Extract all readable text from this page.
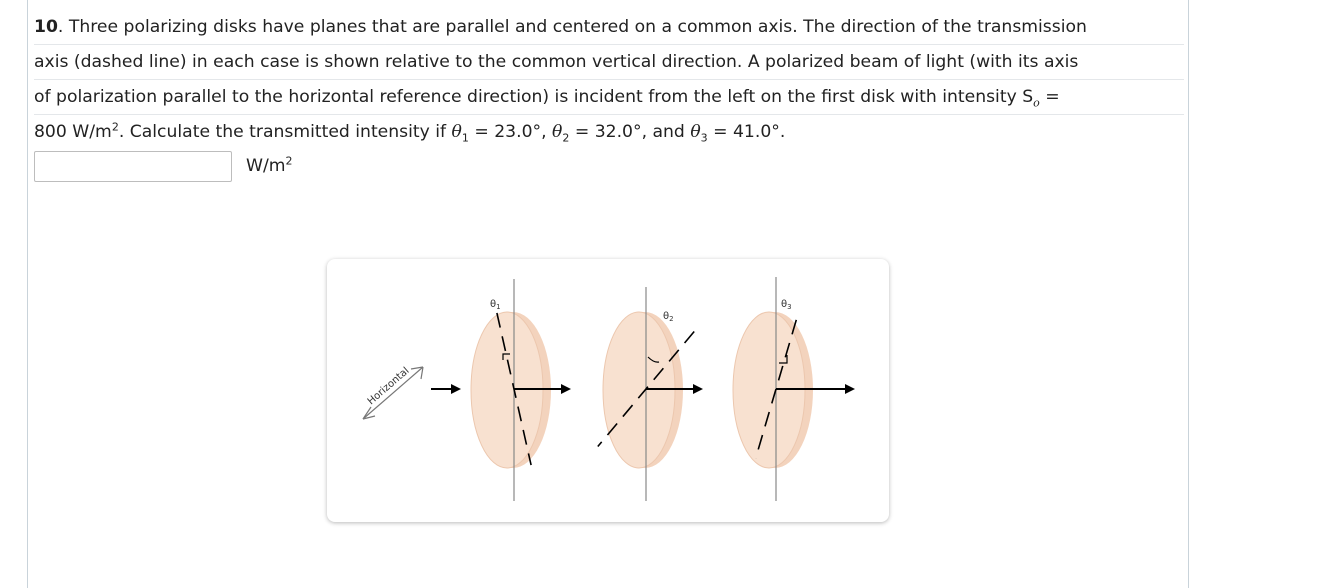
10. Three polarizing disks have planes that are parallel and centered on a common axis. The direction of the transmission
axis (dashed line) in each case is shown relative to the common vertical direction. A polarized beam of light (with its axis
of polarization parallel to the horizontal reference direction) is incident from the left on the first disk with intensity $S_o$ =
800 $W/m^2$. Calculate the transmitted intensity if $\theta_1 = 23.0^\circ$, $\theta_2 = 32.0^\circ$, and $\theta_3 = 41.0^\circ$.
$W/m^2$
Horizontal
$\theta_1$
$\theta_2$
$\theta_3$
